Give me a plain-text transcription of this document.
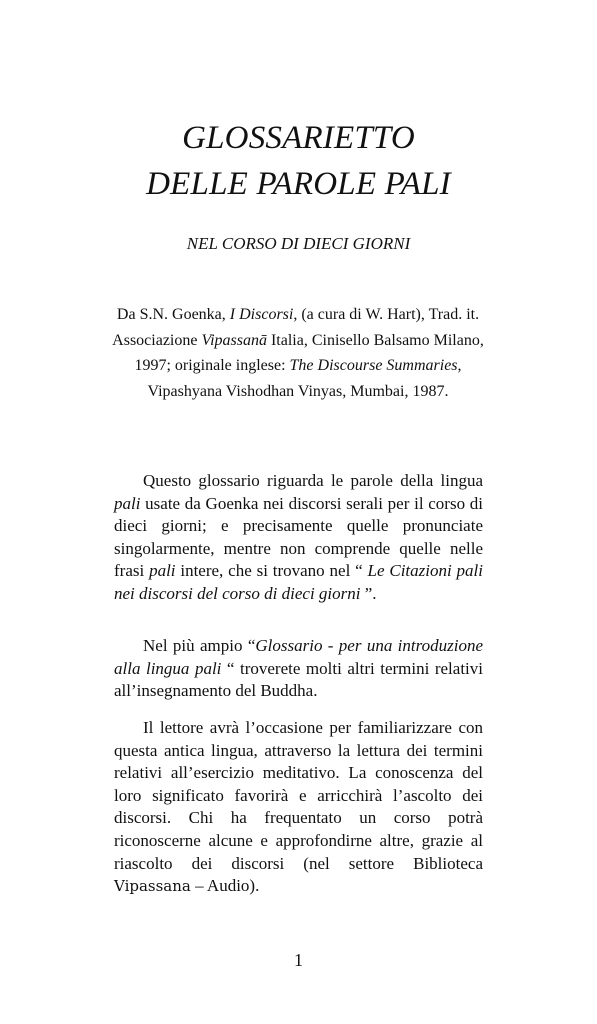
GLOSSARIETTO
DELLE PAROLE PALI
NEL CORSO DI DIECI GIORNI
Da S.N. Goenka, I Discorsi, (a cura di W. Hart), Trad. it. Associazione Vipassanā Italia, Cinisello Balsamo Milano, 1997; originale inglese: The Discourse Summaries, Vipashyana Vishodhan Vinyas, Mumbai, 1987.
Questo glossario riguarda le parole della lingua pali usate da Goenka nei discorsi serali per il corso di dieci giorni; e precisamente quelle pronunciate singolarmente, mentre non comprende quelle nelle frasi pali intere, che si trovano nel “ Le Citazioni pali nei discorsi del corso di dieci giorni ”.
Nel più ampio “Glossario - per una introduzione alla lingua pali “ troverete molti altri termini relativi all’insegnamento del Buddha.
Il lettore avrà l’occasione per familiarizzare con questa antica lingua, attraverso la lettura dei termini relativi all’esercizio meditativo. La conoscenza del loro significato favorirà e arricchirà l’ascolto dei discorsi. Chi ha frequentato un corso potrà riconoscerne alcune e approfondirne altre, grazie al riascolto dei discorsi (nel settore Biblioteca Vipassana – Audio).
1
